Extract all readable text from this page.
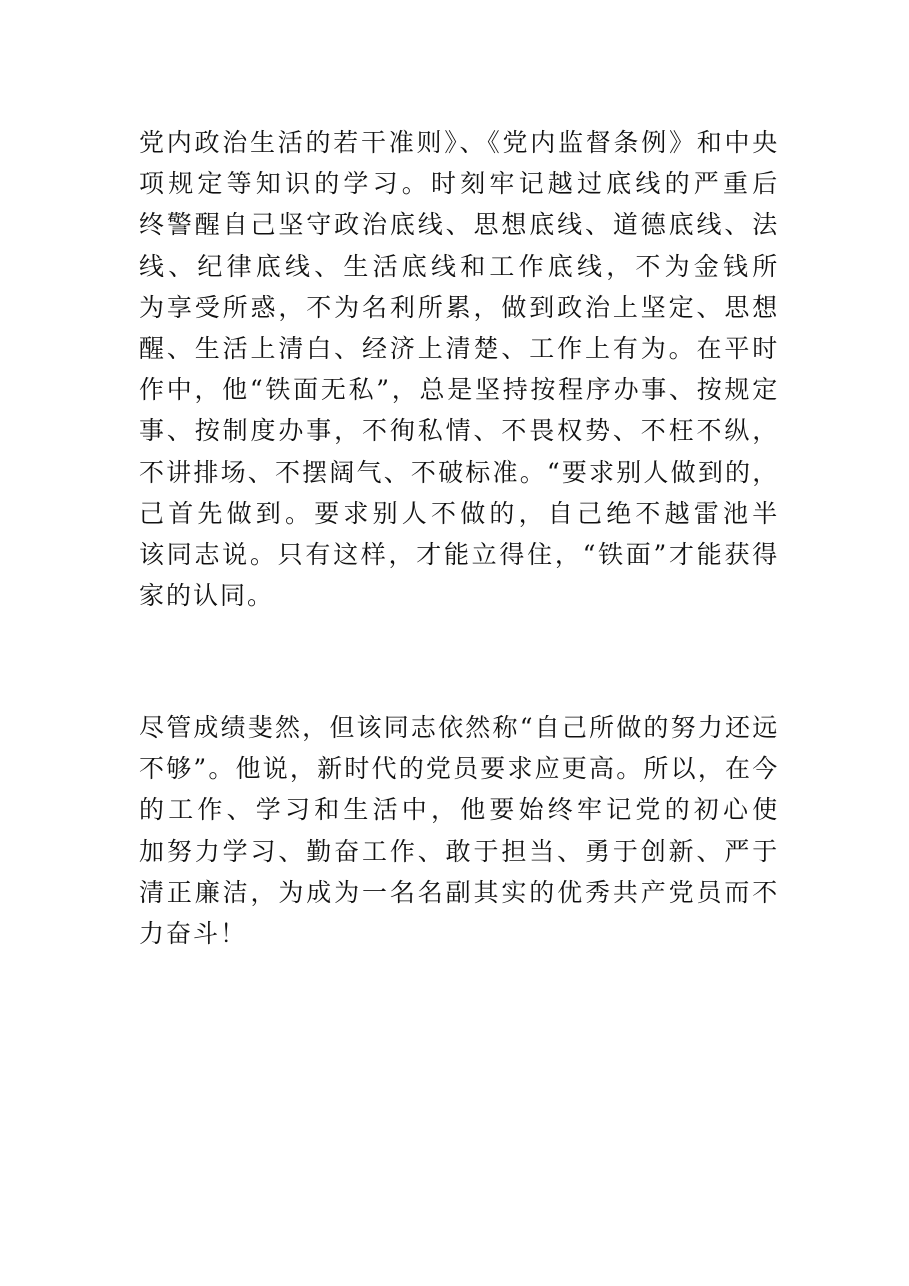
党内政治生活的若干准则》、《党内监督条例》和中央
项规定等知识的学习。时刻牢记越过底线的严重后
终警醒自己坚守政治底线、思想底线、道德底线、法
线、纪律底线、生活底线和工作底线，不为金钱所
为享受所惑，不为名利所累，做到政治上坚定、思想
醒、生活上清白、经济上清楚、工作上有为。在平时
作中，他“铁面无私”，总是坚持按程序办事、按规定
事、按制度办事，不徇私情、不畏权势、不枉不纵，
不讲排场、不摆阔气、不破标准。“要求别人做到的，
己首先做到。要求别人不做的，自己绝不越雷池半
该同志说。只有这样，才能立得住，“铁面”才能获得
家的认同。
尽管成绩斐然，但该同志依然称“自己所做的努力还远
不够”。他说，新时代的党员要求应更高。所以，在今
的工作、学习和生活中，他要始终牢记党的初心使
加努力学习、勤奋工作、敢于担当、勇于创新、严于
清正廉洁，为成为一名名副其实的优秀共产党员而不
力奋斗！
